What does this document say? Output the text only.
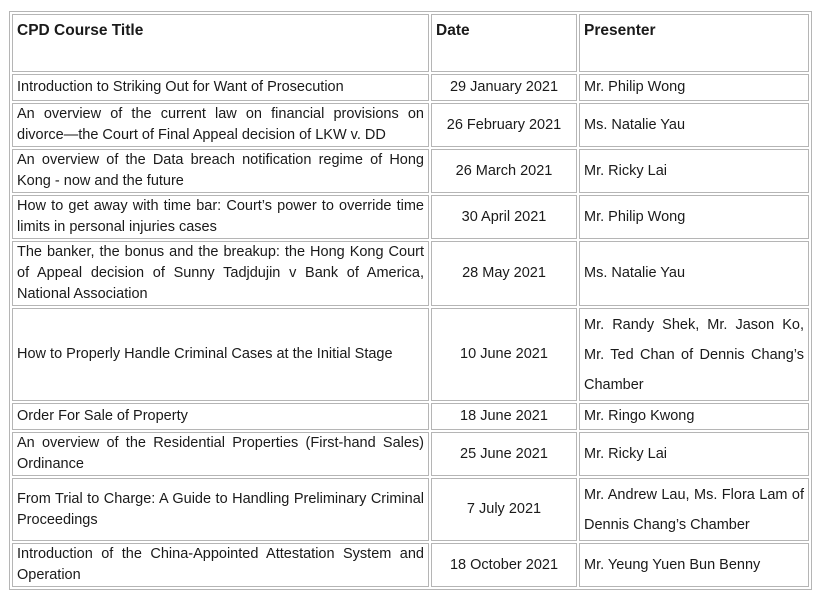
CPD Course Title	Date	Presenter
Introduction to Striking Out for Want of Prosecution	29 January 2021	Mr. Philip Wong
An overview of the current law on financial provisions on divorce—the Court of Final Appeal decision of LKW v. DD	26 February 2021	Ms. Natalie Yau
An overview of the Data breach notification regime of Hong Kong - now and the future	26 March 2021	Mr. Ricky Lai
How to get away with time bar: Court’s power to override time limits in personal injuries cases	30 April 2021	Mr. Philip Wong
The banker, the bonus and the breakup: the Hong Kong Court of Appeal decision of Sunny Tadjdujin v Bank of America, National Association	28 May 2021	Ms. Natalie Yau
How to Properly Handle Criminal Cases at the Initial Stage	10 June 2021	Mr. Randy Shek, Mr. Jason Ko, Mr. Ted Chan of Dennis Chang’s Chamber
Order For Sale of Property	18 June 2021	Mr. Ringo Kwong
An overview of the Residential Properties (First-hand Sales) Ordinance	25 June 2021	Mr. Ricky Lai
From Trial to Charge: A Guide to Handling Preliminary Criminal Proceedings	7 July 2021	Mr. Andrew Lau, Ms. Flora Lam of Dennis Chang’s Chamber
Introduction of the China-Appointed Attestation System and Operation	18 October 2021	Mr. Yeung Yuen Bun Benny
